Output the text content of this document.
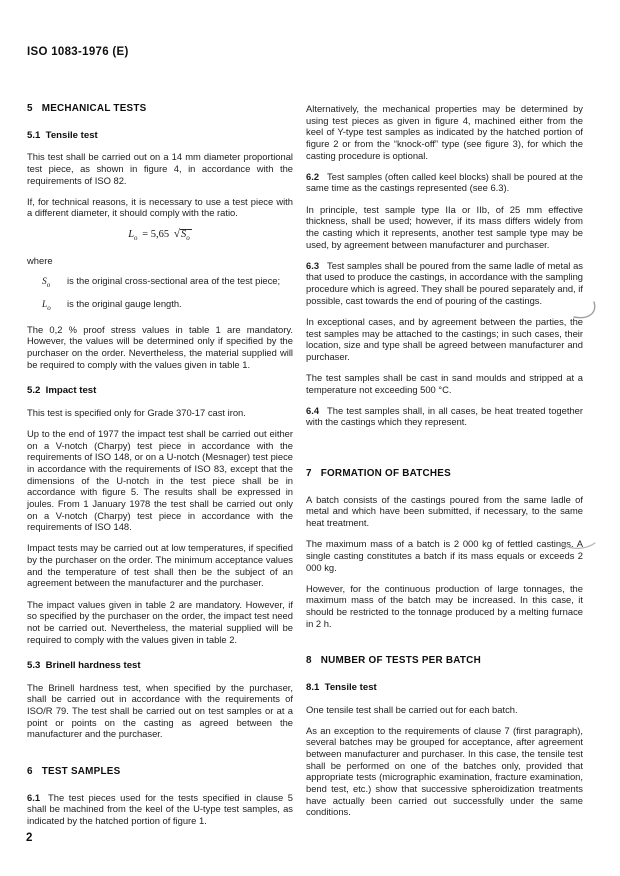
ISO 1083-1976 (E)
5   MECHANICAL TESTS
5.1  Tensile test

This test shall be carried out on a 14 mm diameter proportional test piece, as shown in figure 4, in accordance with the requirements of ISO 82.

If, for technical reasons, it is necessary to use a test piece with a different diameter, it should comply with the ratio.

$L_o = 5,65$ $√S_o$

where

$S_o$ is the original cross-sectional area of the test piece;
$L_o$ is the original gauge length.

The 0,2 % proof stress values in table 1 are mandatory. However, the values will be determined only if specified by the purchaser on the order. Nevertheless, the material supplied will be required to comply with the values given in table 1.

5.2  Impact test

This test is specified only for Grade 370-17 cast iron.

Up to the end of 1977 the impact test shall be carried out either on a V-notch (Charpy) test piece in accordance with the requirements of ISO 148, or on a U-notch (Mesnager) test piece in accordance with the requirements of ISO 83, except that the dimensions of the U-notch in the test piece shall be in accordance with figure 5. The results shall be expressed in joules. From 1 January 1978 the test shall be carried out only on a V-notch (Charpy) test piece in accordance with the requirements of ISO 148.

Impact tests may be carried out at low temperatures, if specified by the purchaser on the order. The minimum acceptance values and the temperature of test shall then be the subject of an agreement between the manufacturer and the purchaser.

The impact values given in table 2 are mandatory. However, if so specified by the purchaser on the order, the impact test need not be carried out. Nevertheless, the material supplied will be required to comply with the values given in table 2.

5.3  Brinell hardness test

The Brinell hardness test, when specified by the purchaser, shall be carried out in accordance with the requirements of ISO/R 79. The test shall be carried out on test samples or at a point or points on the casting as agreed between the manufacturer and the purchaser.

6   TEST SAMPLES

6.1 The test pieces used for the tests specified in clause 5 shall be machined from the keel of the U-type test samples, as indicated by the hatched portion of figure 1.

Alternatively, the mechanical properties may be determined by using test pieces as given in figure 4, machined either from the keel of Y-type test samples as indicated by the hatched portion of figure 2 or from the “knock-off” type (see figure 3), for which the casting procedure is optional.

6.2 Test samples (often called keel blocks) shall be poured at the same time as the castings represented (see 6.3).

In principle, test sample type IIa or IIb, of 25 mm effective thickness, shall be used; however, if its mass differs widely from the casting which it represents, another test sample type may be used, by agreement between manufacturer and purchaser.

6.3 Test samples shall be poured from the same ladle of metal as that used to produce the castings, in accordance with the sampling procedure which is agreed. They shall be poured separately and, if possible, cast towards the end of pouring of the castings.

In exceptional cases, and by agreement between the parties, the test samples may be attached to the castings; in such cases, their location, size and type shall be agreed between manufacturer and purchaser.

The test samples shall be cast in sand moulds and stripped at a temperature not exceeding 500 °C.

6.4 The test samples shall, in all cases, be heat treated together with the castings which they represent.

7   FORMATION OF BATCHES

A batch consists of the castings poured from the same ladle of metal and which have been submitted, if necessary, to the same heat treatment.

The maximum mass of a batch is 2 000 kg of fettled castings. A single casting constitutes a batch if its mass equals or exceeds 2 000 kg.

However, for the continuous production of large tonnages, the maximum mass of the batch may be increased. In this case, it should be restricted to the tonnage produced by a melting furnace in 2 h.

8   NUMBER OF TESTS PER BATCH
8.1  Tensile test

One tensile test shall be carried out for each batch.

As an exception to the requirements of clause 7 (first paragraph), several batches may be grouped for acceptance, after agreement between manufacturer and purchaser. In this case, the tensile test shall be performed on one of the batches only, provided that appropriate tests (micrographic examination, fracture examination, bend test, etc.) show that successive spheroidization treatments have actually been carried out successfully under the same conditions.

2
